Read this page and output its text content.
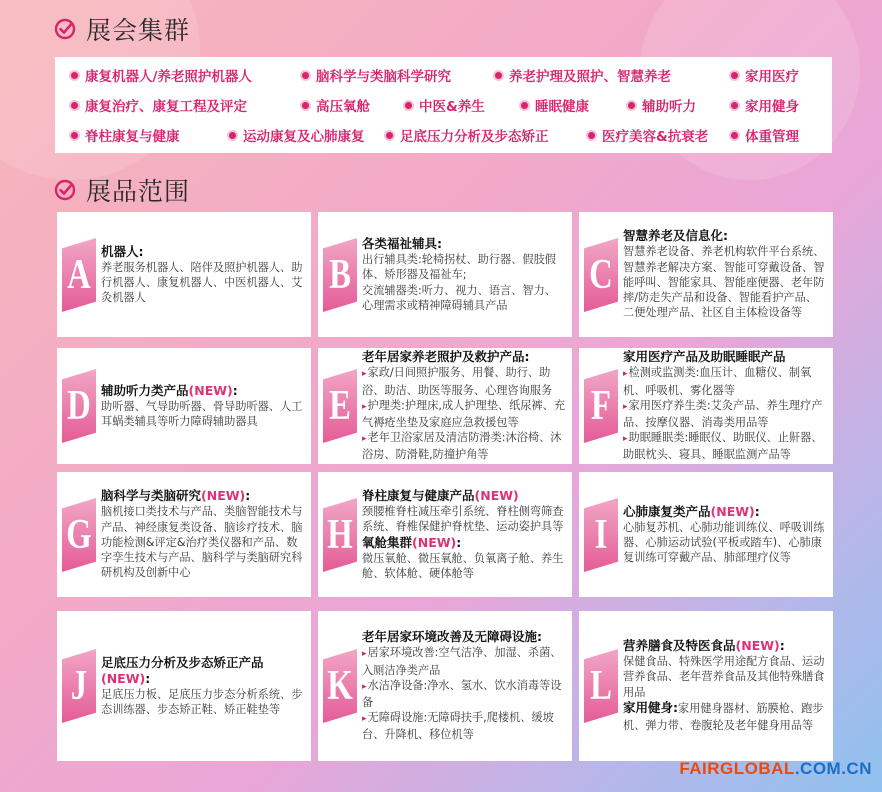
展会集群
康复机器人/养老照护机器人	脑科学与类脑科学研究	养老护理及照护、智慧养老	家用医疗
康复治疗、康复工程及评定	高压氧舱	中医&养生	睡眠健康	辅助听力	家用健身
脊柱康复与健康	运动康复及心肺康复	足底压力分析及步态矫正	医疗美容&抗衰老	体重管理
展品范围
A
机器人:
养老服务机器人、陪伴及照护机器人、助行机器人、康复机器人、中医机器人、艾灸机器人	B
各类福祉辅具:
出行辅具类:轮椅拐杖、助行器、假肢假体、矫形器及福祉车;
交流辅器类:听力、视力、语言、智力、心理需求或精神障碍辅具产品
C
智慧养老及信息化:
智慧养老设备、养老机构软件平台系统、智慧养老解决方案、智能可穿戴设备、智能呼叫、智能家具、智能座便器、老年防摔/防走失产品和设备、智能看护产品、二便处理产品、社区自主体检设备等
D 辅助听力类产品(NEW):
助听器、气导助听器、骨导助听器、人工耳蜗类辅具等听力障碍辅助器具	E
老年居家养老照护及救护产品:
▸ 家政/日间照护服务、用餐、助行、助浴、助洁、助医等服务、心理咨询服务
▸ 护理类:护理床,成人护理垫、纸尿裤、充气褥疮坐垫及家庭应急救援包等
▸ 老年卫浴家居及清洁防滑类:沐浴椅、沐浴房、防滑鞋,防撞护角等
F
家用医疗产品及助眠睡眠产品
▸ 检测或监测类:血压计、血糖仪、制氧机、呼吸机、雾化器等
▸ 家用医疗养生类:艾灸产品、养生理疗产品、按摩仪器、消毒类用品等
▸ 助眠睡眠类:睡眠仪、助眠仪、止鼾器、助眠枕头、寝具、睡眠监测产品等
G
脑科学与类脑研究(NEW):
脑机接口类技术与产品、类脑智能技术与产品、神经康复类设备、脑诊疗技术、脑功能检测&评定&治疗类仪器和产品、数字孪生技术与产品、脑科学与类脑研究科研机构及创新中心
H
脊柱康复与健康产品(NEW)
颈腰椎脊柱减压牵引系统、脊柱侧弯筛查系统、脊椎保健护脊枕垫、运动姿护具等
氧舱集群(NEW):
微压氧舱、微压氧舱、负氧离子舱、养生舱、软体舱、硬体舱等
I
心肺康复类产品(NEW):
心肺复苏机、心肺功能训练仪、呼吸训练器、心肺运动试验(平板或踏车)、心肺康复训练可穿戴产品、肺部理疗仪等
J
足底压力分析及步态矫正产品(NEW):
足底压力板、足底压力步态分析系统、步态训练器、步态矫正鞋、矫正鞋垫等
K
老年居家环境改善及无障碍设施:
▸ 居家环境改善:空气洁净、加湿、杀菌、入厕洁净类产品
▸ 水洁净设备:净水、氢水、饮水消毒等设备
▸ 无障碍设施:无障碍扶手,爬楼机、缓坡台、升降机、移位机等
L
营养膳食及特医食品(NEW):
保健食品、特殊医学用途配方食品、运动营养食品、老年营养食品及其他特殊膳食用品
家用健身:家用健身器材、筋膜枪、跑步机、弹力带、卷腹轮及老年健身用品等
FAIRGLOBAL.COM.CN
